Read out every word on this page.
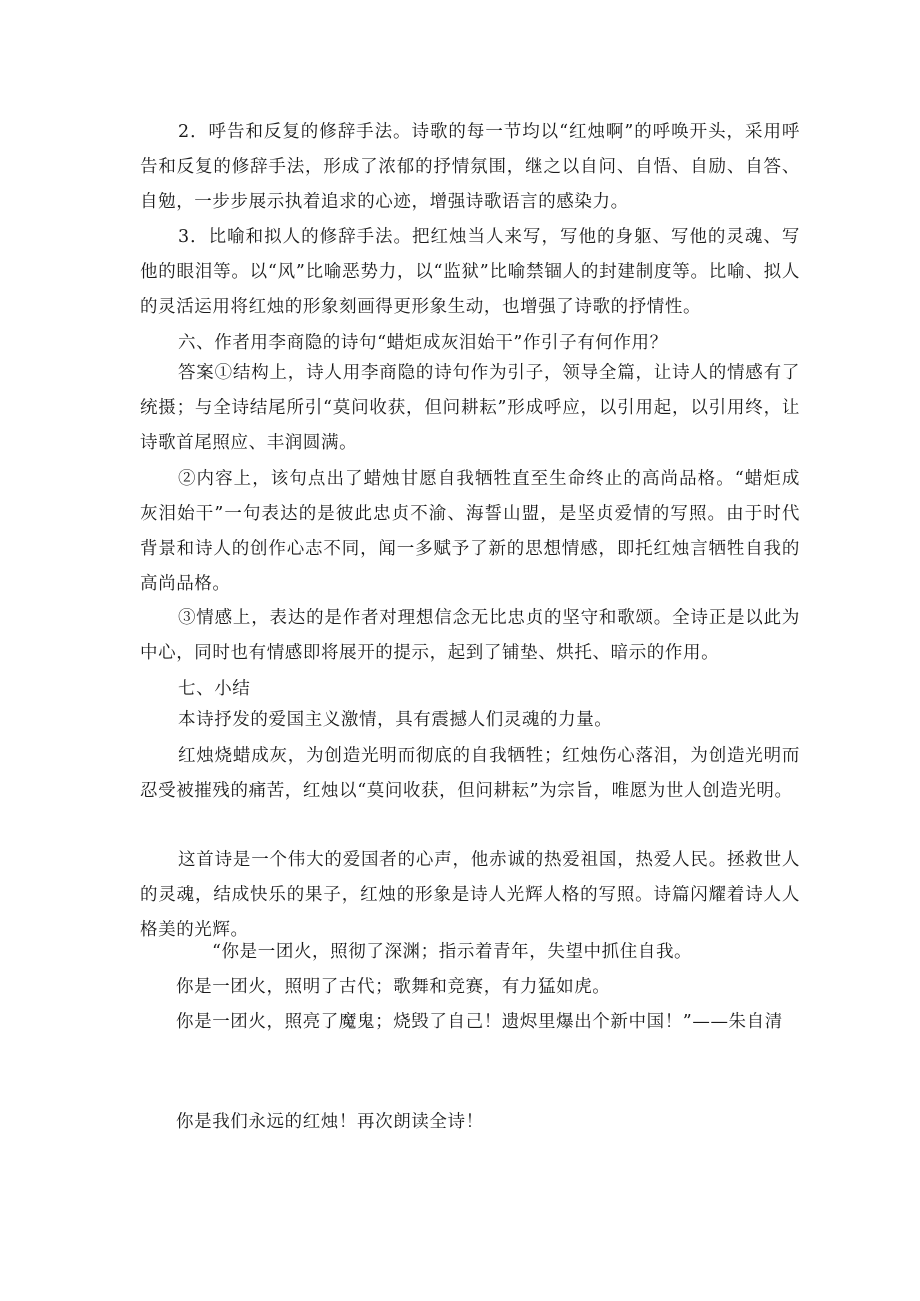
2．呼告和反复的修辞手法。诗歌的每一节均以“红烛啊”的呼唤开头，采用呼告和反复的修辞手法，形成了浓郁的抒情氛围，继之以自问、自悟、自励、自答、自勉，一步步展示执着追求的心迹，增强诗歌语言的感染力。

3．比喻和拟人的修辞手法。把红烛当人来写，写他的身躯、写他的灵魂、写他的眼泪等。以“风”比喻恶势力，以“监狱”比喻禁锢人的封建制度等。比喻、拟人的灵活运用将红烛的形象刻画得更形象生动，也增强了诗歌的抒情性。

六、作者用李商隐的诗句“蜡炬成灰泪始干”作引子有何作用？

答案①结构上，诗人用李商隐的诗句作为引子，领导全篇，让诗人的情感有了统摄；与全诗结尾所引“莫问收获，但问耕耘”形成呼应，以引用起，以引用终，让诗歌首尾照应、丰润圆满。

②内容上，该句点出了蜡烛甘愿自我牺牲直至生命终止的高尚品格。“蜡炬成灰泪始干”一句表达的是彼此忠贞不渝、海誓山盟，是坚贞爱情的写照。由于时代背景和诗人的创作心志不同，闻一多赋予了新的思想情感，即托红烛言牺牲自我的高尚品格。

③情感上，表达的是作者对理想信念无比忠贞的坚守和歌颂。全诗正是以此为中心，同时也有情感即将展开的提示，起到了铺垫、烘托、暗示的作用。

七、小结

本诗抒发的爱国主义激情，具有震撼人们灵魂的力量。

红烛烧蜡成灰，为创造光明而彻底的自我牺牲；红烛伤心落泪，为创造光明而忍受被摧残的痛苦，红烛以“莫问收获，但问耕耘”为宗旨，唯愿为世人创造光明。

这首诗是一个伟大的爱国者的心声，他赤诚的热爱祖国，热爱人民。拯救世人的灵魂，结成快乐的果子，红烛的形象是诗人光辉人格的写照。诗篇闪耀着诗人人格美的光辉。

“你是一团火，照彻了深渊；指示着青年，失望中抓住自我。

你是一团火，照明了古代；歌舞和竞赛，有力猛如虎。

你是一团火，照亮了魔鬼；烧毁了自己！遗烬里爆出个新中国！”——朱自清

你是我们永远的红烛！再次朗读全诗！
